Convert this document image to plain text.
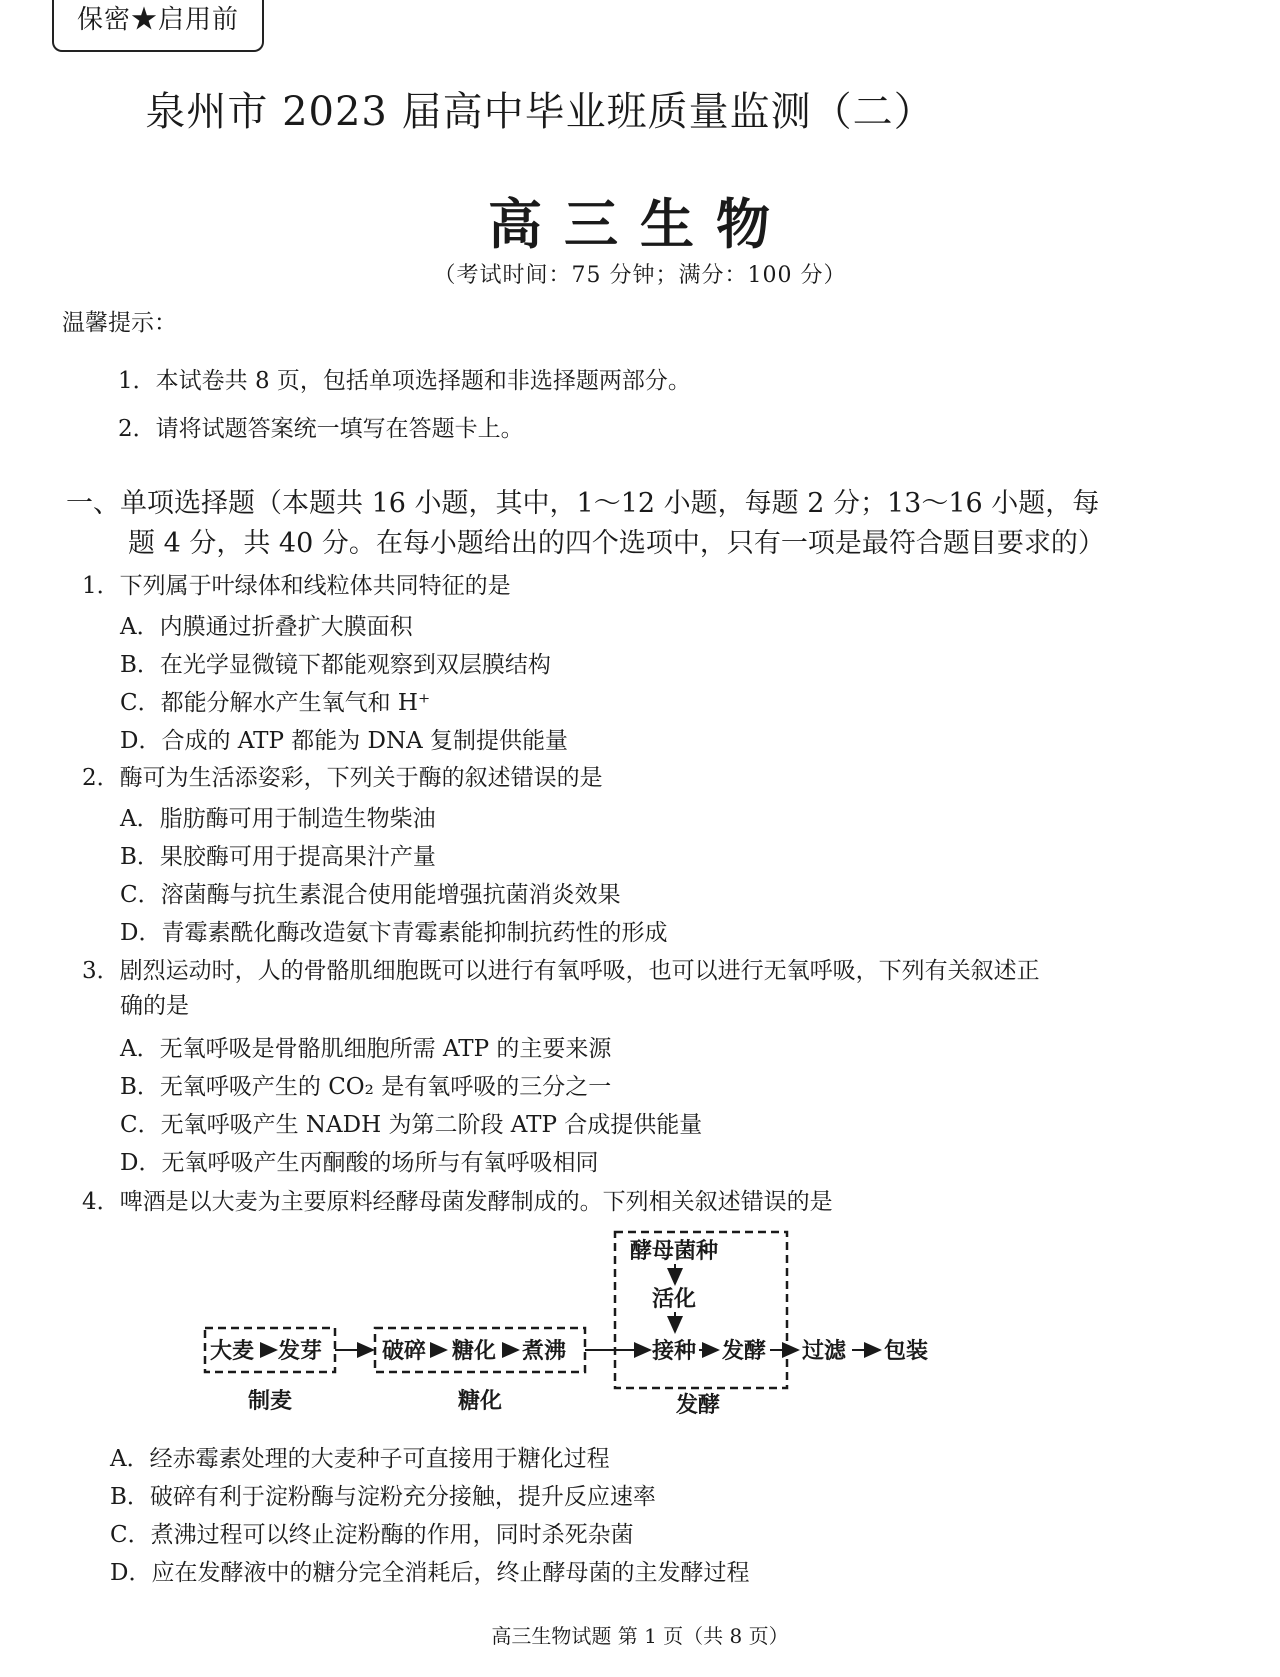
保密★启用前
泉州市 2023 届高中毕业班质量监测（二）
高三生物
（考试时间：75 分钟；满分：100 分）
温馨提示：
1．本试卷共 8 页，包括单项选择题和非选择题两部分。
2．请将试题答案统一填写在答题卡上。
一、单项选择题（本题共 16 小题，其中，1～12 小题，每题 2 分；13～16 小题，每
题 4 分，共 40 分。在每小题给出的四个选项中，只有一项是最符合题目要求的）
1．下列属于叶绿体和线粒体共同特征的是
A．内膜通过折叠扩大膜面积
B．在光学显微镜下都能观察到双层膜结构
C．都能分解水产生氧气和 H⁺
D．合成的 ATP 都能为 DNA 复制提供能量
2．酶可为生活添姿彩，下列关于酶的叙述错误的是
A．脂肪酶可用于制造生物柴油
B．果胶酶可用于提高果汁产量
C．溶菌酶与抗生素混合使用能增强抗菌消炎效果
D．青霉素酰化酶改造氨卞青霉素能抑制抗药性的形成
3．剧烈运动时，人的骨骼肌细胞既可以进行有氧呼吸，也可以进行无氧呼吸，下列有关叙述正
确的是
A．无氧呼吸是骨骼肌细胞所需 ATP 的主要来源
B．无氧呼吸产生的 CO₂ 是有氧呼吸的三分之一
C．无氧呼吸产生 NADH 为第二阶段 ATP 合成提供能量
D．无氧呼吸产生丙酮酸的场所与有氧呼吸相同
4．啤酒是以大麦为主要原料经酵母菌发酵制成的。下列相关叙述错误的是
大麦 发芽	破碎 糖化 煮沸
酵母菌种
活化
接种 发酵 过滤 包装
制麦	糖化	发酵
A．经赤霉素处理的大麦种子可直接用于糖化过程
B．破碎有利于淀粉酶与淀粉充分接触，提升反应速率
C．煮沸过程可以终止淀粉酶的作用，同时杀死杂菌
D．应在发酵液中的糖分完全消耗后，终止酵母菌的主发酵过程
高三生物试题 第 1 页（共 8 页）
